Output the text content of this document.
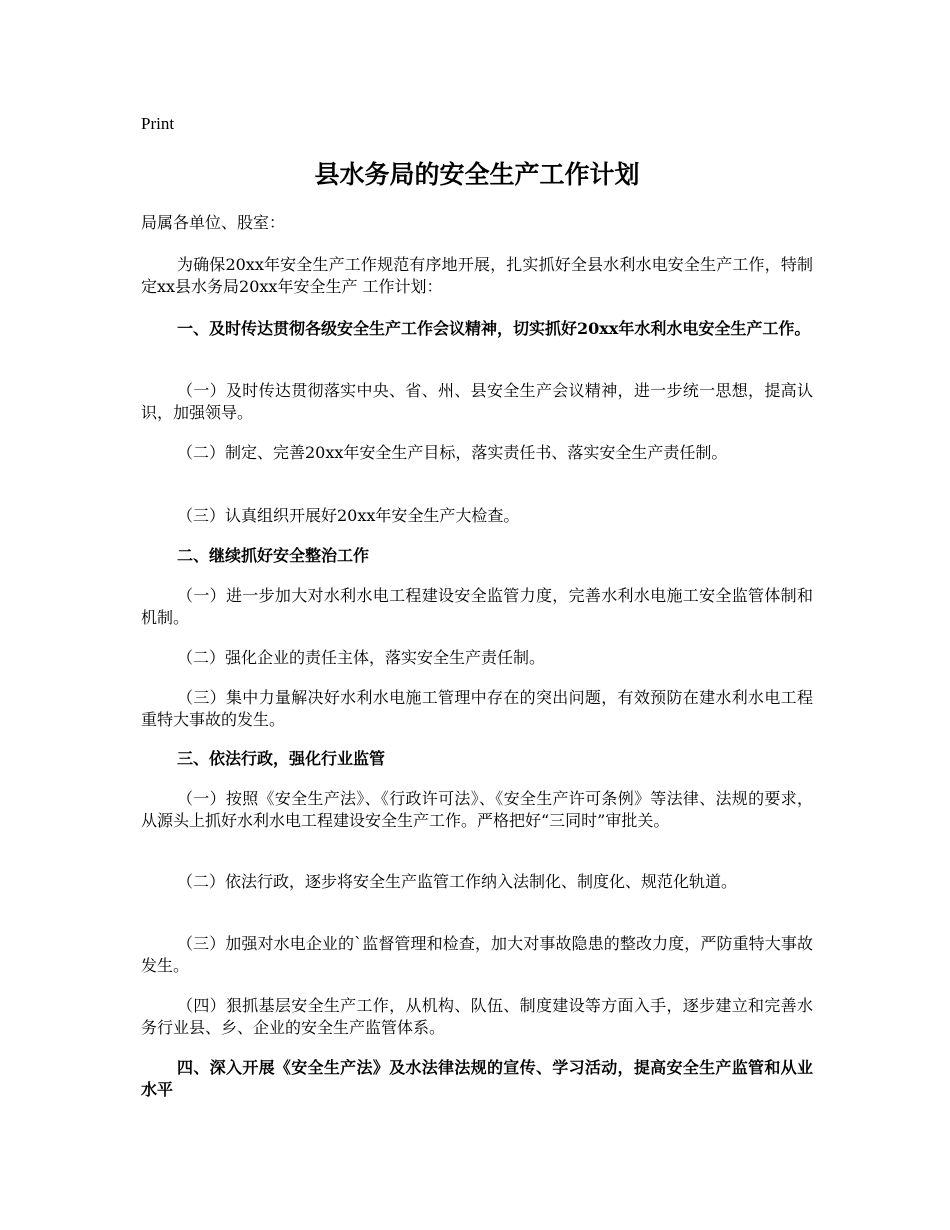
Print
县水务局的安全生产工作计划

局属各单位、股室：

为确保20xx年安全生产工作规范有序地开展，扎实抓好全县水利水电安全生产工作，特制定xx县水务局20xx年安全生产 工作计划：

一、及时传达贯彻各级安全生产工作会议精神，切实抓好20xx年水利水电安全生产工作。

（一）及时传达贯彻落实中央、省、州、县安全生产会议精神，进一步统一思想，提高认识，加强领导。

（二）制定、完善20xx年安全生产目标，落实责任书、落实安全生产责任制。

（三）认真组织开展好20xx年安全生产大检查。

二、继续抓好安全整治工作

（一）进一步加大对水利水电工程建设安全监管力度，完善水利水电施工安全监管体制和机制。

（二）强化企业的责任主体，落实安全生产责任制。

（三）集中力量解决好水利水电施工管理中存在的突出问题，有效预防在建水利水电工程重特大事故的发生。

三、依法行政，强化行业监管

（一）按照《安全生产法》、《行政许可法》、《安全生产许可条例》等法律、法规的要求，从源头上抓好水利水电工程建设安全生产工作。严格把好“三同时”审批关。

（二）依法行政，逐步将安全生产监管工作纳入法制化、制度化、规范化轨道。

（三）加强对水电企业的`监督管理和检查，加大对事故隐患的整改力度，严防重特大事故发生。

（四）狠抓基层安全生产工作，从机构、队伍、制度建设等方面入手，逐步建立和完善水务行业县、乡、企业的安全生产监管体系。

四、深入开展《安全生产法》及水法律法规的宣传、学习活动，提高安全生产监管和从业水平
